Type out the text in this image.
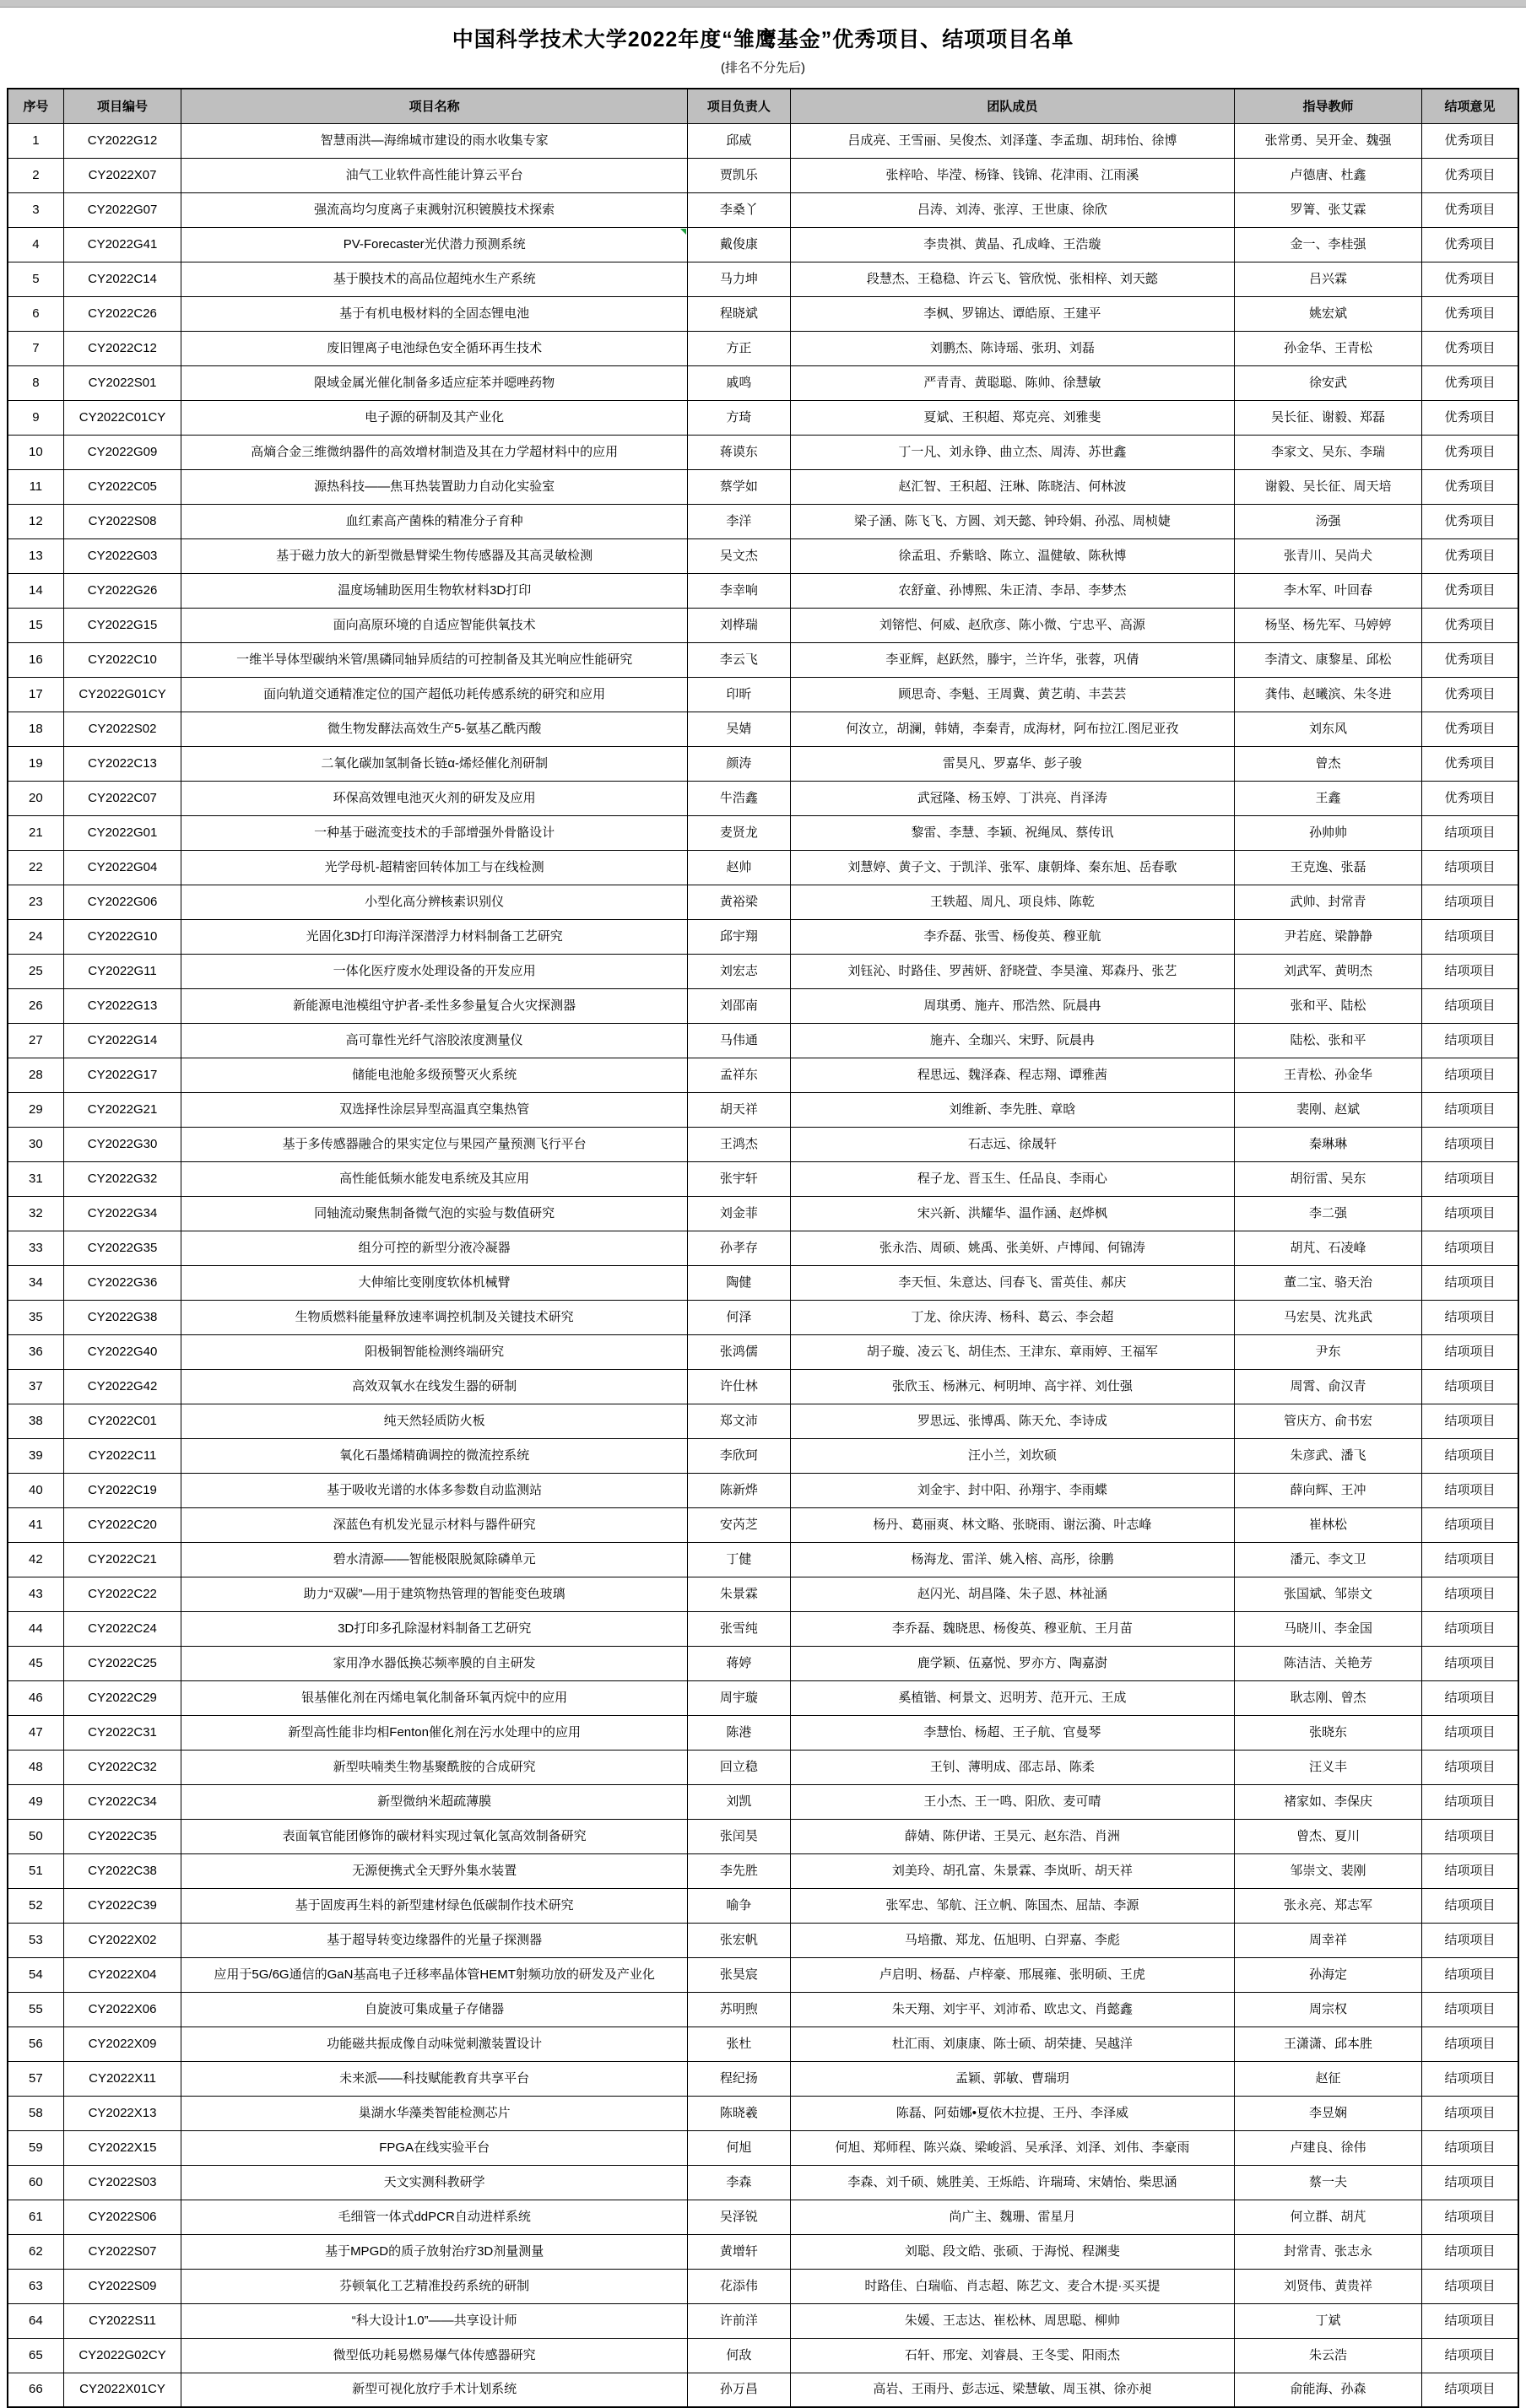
中国科学技术大学2022年度“雏鹰基金”优秀项目、结项项目名单
(排名不分先后)
序号	项目编号	项目名称	项目负责人	团队成员	指导教师	结项意见
1	CY2022G12	智慧雨洪—海绵城市建设的雨水收集专家	邱威	吕成亮、王雪丽、吴俊杰、刘泽蓬、李孟珈、胡玮怡、徐博	张常勇、吴开金、魏强	优秀项目
2	CY2022X07	油气工业软件高性能计算云平台	贾凯乐	张梓哈、毕滢、杨锋、钱锦、花津雨、江雨溪	卢德唐、杜鑫	优秀项目
3	CY2022G07	强流高均匀度离子束溅射沉积镀膜技术探索	李桑丫	吕涛、刘涛、张淳、王世康、徐欣	罗箐、张艾霖	优秀项目
4	CY2022G41	PV-Forecaster光伏潜力预测系统	戴俊康	李贵祺、黄晶、孔成峰、王浩璇	金一、李桂强	优秀项目
5	CY2022C14	基于膜技术的高品位超纯水生产系统	马力坤	段慧杰、王稳稳、许云飞、管欣悦、张相梓、刘天懿	吕兴霖	优秀项目
6	CY2022C26	基于有机电极材料的全固态锂电池	程晓斌	李枫、罗锦达、谭皓原、王建平	姚宏斌	优秀项目
7	CY2022C12	废旧锂离子电池绿色安全循环再生技术	方正	刘鹏杰、陈诗瑶、张玥、刘磊	孙金华、王青松	优秀项目
8	CY2022S01	限域金属光催化制备多适应症苯并噁唑药物	戚鸣	严青青、黄聪聪、陈帅、徐慧敏	徐安武	优秀项目
9	CY2022C01CY	电子源的研制及其产业化	方琦	夏斌、王积超、郑克亮、刘雅斐	吴长征、谢毅、郑磊	优秀项目
10	CY2022G09	高熵合金三维微纳器件的高效增材制造及其在力学超材料中的应用	蒋谟东	丁一凡、刘永铮、曲立杰、周涛、苏世鑫	李家文、吴东、李瑞	优秀项目
11	CY2022C05	源热科技——焦耳热装置助力自动化实验室	蔡学如	赵汇智、王积超、汪琳、陈晓洁、何林波	谢毅、吴长征、周天培	优秀项目
12	CY2022S08	血红素高产菌株的精准分子育种	李洋	梁子涵、陈飞飞、方圆、刘天懿、钟玲娟、孙泓、周桢婕	汤强	优秀项目
13	CY2022G03	基于磁力放大的新型微悬臂梁生物传感器及其高灵敏检测	吴文杰	徐孟珇、乔紫晗、陈立、温健敏、陈秋博	张青川、吴尚犬	优秀项目
14	CY2022G26	温度场辅助医用生物软材料3D打印	李幸响	农舒童、孙博熙、朱正清、李昂、李梦杰	李木军、叶回春	优秀项目
15	CY2022G15	面向高原环境的自适应智能供氧技术	刘桦瑞	刘镕恺、何威、赵欣彦、陈小微、宁忠平、高源	杨坚、杨先军、马婷婷	优秀项目
16	CY2022C10	一维半导体型碳纳米管/黑磷同轴异质结的可控制备及其光响应性能研究	李云飞	李亚辉，赵跃然，滕宇，兰许华，张蓉，巩倩	李清文、康黎星、邱松	优秀项目
17	CY2022G01CY	面向轨道交通精准定位的国产超低功耗传感系统的研究和应用	印昕	顾思奇、李魁、王周冀、黄艺萌、丰芸芸	龚伟、赵曦滨、朱冬进	优秀项目
18	CY2022S02	微生物发酵法高效生产5-氨基乙酰丙酸	吴婧	何汝立，胡澜，韩婧，李秦青，成海材，阿布拉江.图尼亚孜	刘东风	优秀项目
19	CY2022C13	二氧化碳加氢制备长链α-烯烃催化剂研制	颜涛	雷昊凡、罗嘉华、彭子骏	曾杰	优秀项目
20	CY2022C07	环保高效锂电池灭火剂的研发及应用	牛浩鑫	武冠隆、杨玉婷、丁洪亮、肖泽涛	王鑫	优秀项目
21	CY2022G01	一种基于磁流变技术的手部增强外骨骼设计	麦贤龙	黎雷、李慧、李颖、祝绳凤、蔡传讯	孙帅帅	结项项目
22	CY2022G04	光学母机-超精密回转体加工与在线检测	赵帅	刘慧婷、黄子文、于凯洋、张军、康朝烽、秦东旭、岳春歌	王克逸、张磊	结项项目
23	CY2022G06	小型化高分辨核素识别仪	黄裕梁	王轶超、周凡、项良炜、陈乾	武帅、封常青	结项项目
24	CY2022G10	光固化3D打印海洋深潜浮力材料制备工艺研究	邱宇翔	李乔磊、张雪、杨俊英、穆亚航	尹若庭、梁静静	结项项目
25	CY2022G11	一体化医疗废水处理设备的开发应用	刘宏志	刘钰沁、时路佳、罗茜妍、舒晓萱、李昊潼、郑森丹、张艺	刘武军、黄明杰	结项项目
26	CY2022G13	新能源电池模组守护者-柔性多参量复合火灾探测器	刘邵南	周琪勇、施卉、邢浩然、阮晨冉	张和平、陆松	结项项目
27	CY2022G14	高可靠性光纤气溶胶浓度测量仪	马伟通	施卉、全珈兴、宋野、阮晨冉	陆松、张和平	结项项目
28	CY2022G17	储能电池舱多级预警灭火系统	孟祥东	程思远、魏泽森、程志翔、谭雅茜	王青松、孙金华	结项项目
29	CY2022G21	双选择性涂层异型高温真空集热管	胡天祥	刘维新、李先胜、章晗	裴刚、赵斌	结项项目
30	CY2022G30	基于多传感器融合的果实定位与果园产量预测飞行平台	王鸿杰	石志远、徐晟轩	秦琳琳	结项项目
31	CY2022G32	高性能低频水能发电系统及其应用	张宇轩	程子龙、晋玉生、任品良、李雨心	胡衍雷、吴东	结项项目
32	CY2022G34	同轴流动聚焦制备微气泡的实验与数值研究	刘金菲	宋兴新、洪耀华、温作涵、赵烨枫	李二强	结项项目
33	CY2022G35	组分可控的新型分液冷凝器	孙孝存	张永浩、周硕、姚禹、张美妍、卢博闻、何锦涛	胡芃、石凌峰	结项项目
34	CY2022G36	大伸缩比变刚度软体机械臂	陶健	李天恒、朱意达、闫春飞、雷英佳、郝庆	董二宝、骆天治	结项项目
35	CY2022G38	生物质燃料能量释放速率调控机制及关键技术研究	何泽	丁龙、徐庆涛、杨科、葛云、李会超	马宏昊、沈兆武	结项项目
36	CY2022G40	阳极铜智能检测终端研究	张鸿儒	胡子璇、凌云飞、胡佳杰、王津东、章雨婷、王福军	尹东	结项项目
37	CY2022G42	高效双氧水在线发生器的研制	许仕林	张欣玉、杨淋元、柯明坤、高宇祥、刘仕强	周霄、俞汉青	结项项目
38	CY2022C01	纯天然轻质防火板	郑文沛	罗思远、张博禹、陈天允、李诗成	管庆方、俞书宏	结项项目
39	CY2022C11	氧化石墨烯精确调控的微流控系统	李欣珂	汪小兰，刘坎硕	朱彦武、潘飞	结项项目
40	CY2022C19	基于吸收光谱的水体多参数自动监测站	陈新烨	刘金宇、封中阳、孙翔宇、李雨蝶	薛向辉、王冲	结项项目
41	CY2022C20	深蓝色有机发光显示材料与器件研究	安芮芝	杨丹、葛丽爽、林文略、张晓雨、谢沄漪、叶志峰	崔林松	结项项目
42	CY2022C21	碧水清源——智能极限脱氮除磷单元	丁健	杨海龙、雷洋、姚入榕、高彤，徐鹏	潘元、李文卫	结项项目
43	CY2022C22	助力“双碳”—用于建筑物热管理的智能变色玻璃	朱景霖	赵闪光、胡昌隆、朱子恩、林祉涵	张国斌、邹崇文	结项项目
44	CY2022C24	3D打印多孔除湿材料制备工艺研究	张雪纯	李乔磊、魏晓思、杨俊英、穆亚航、王月苗	马晓川、李金国	结项项目
45	CY2022C25	家用净水器低换芯频率膜的自主研发	蒋婷	鹿学颖、伍嘉悦、罗亦方、陶嘉澍	陈洁洁、关艳芳	结项项目
46	CY2022C29	银基催化剂在丙烯电氧化制备环氧丙烷中的应用	周宇璇	奚植锴、柯景文、迟明芳、范开元、王成	耿志刚、曾杰	结项项目
47	CY2022C31	新型高性能非均相Fenton催化剂在污水处理中的应用	陈港	李慧怡、杨超、王子航、官曼琴	张晓东	结项项目
48	CY2022C32	新型呋喃类生物基聚酰胺的合成研究	回立稳	王钊、薄明成、邵志昂、陈柔	汪义丰	结项项目
49	CY2022C34	新型微纳米超疏薄膜	刘凯	王小杰、王一鸣、阳欣、麦可晴	褚家如、李保庆	结项项目
50	CY2022C35	表面氧官能团修饰的碳材料实现过氧化氢高效制备研究	张闰昊	薛婧、陈伊诺、王昊元、赵东浩、肖洲	曾杰、夏川	结项项目
51	CY2022C38	无源便携式全天野外集水装置	李先胜	刘美玲、胡孔富、朱景霖、李岚昕、胡天祥	邹崇文、裴刚	结项项目
52	CY2022C39	基于固废再生料的新型建材绿色低碳制作技术研究	喻争	张军忠、邹航、汪立帆、陈国杰、屈喆、李源	张永亮、郑志军	结项项目
53	CY2022X02	基于超导转变边缘器件的光量子探测器	张宏帆	马培撒、郑龙、伍旭明、白羿嘉、李彪	周幸祥	结项项目
54	CY2022X04	应用于5G/6G通信的GaN基高电子迁移率晶体管HEMT射频功放的研发及产业化	张昊宸	卢启明、杨磊、卢梓豪、邢展雍、张明硕、王虎	孙海定	结项项目
55	CY2022X06	自旋波可集成量子存储器	苏明煦	朱天翔、刘宇平、刘沛希、欧忠文、肖懿鑫	周宗权	结项项目
56	CY2022X09	功能磁共振成像自动味觉刺激装置设计	张杜	杜汇雨、刘康康、陈士硕、胡荣捷、吴越洋	王潇潇、邱本胜	结项项目
57	CY2022X11	未来派——科技赋能教育共享平台	程纪扬	孟颖、郭敏、曹瑞玥	赵征	结项项目
58	CY2022X13	巢湖水华藻类智能检测芯片	陈晓羲	陈磊、阿茹娜•夏依木拉提、王丹、李泽威	李昱娴	结项项目
59	CY2022X15	FPGA在线实验平台	何旭	何旭、郑师程、陈兴焱、梁峻滔、吴承泽、刘泽、刘伟、李豪雨	卢建良、徐伟	结项项目
60	CY2022S03	天文实测科教研学	李森	李森、刘千硕、姚胜美、王烁皓、许瑞琦、宋婧怡、柴思涵	蔡一夫	结项项目
61	CY2022S06	毛细管一体式ddPCR自动进样系统	吴泽锐	尚广主、魏珊、雷星月	何立群、胡芃	结项项目
62	CY2022S07	基于MPGD的质子放射治疗3D剂量测量	黄增轩	刘聪、段文皓、张硕、于海悦、程渊斐	封常青、张志永	结项项目
63	CY2022S09	芬顿氧化工艺精准投药系统的研制	花添伟	时路佳、白瑞临、肖志超、陈艺文、麦合木提·买买提	刘贤伟、黄贵祥	结项项目
64	CY2022S11	“科大设计1.0”——共享设计师	许前洋	朱媛、王志达、崔松林、周思聪、柳帅	丁斌	结项项目
65	CY2022G02CY	微型低功耗易燃易爆气体传感器研究	何敌	石轩、邢宠、刘睿晨、王冬雯、阳雨杰	朱云浩	结项项目
66	CY2022X01CY	新型可视化放疗手术计划系统	孙万昌	高岩、王雨丹、彭志远、梁慧敏、周玉祺、徐亦昶	俞能海、孙森	结项项目
